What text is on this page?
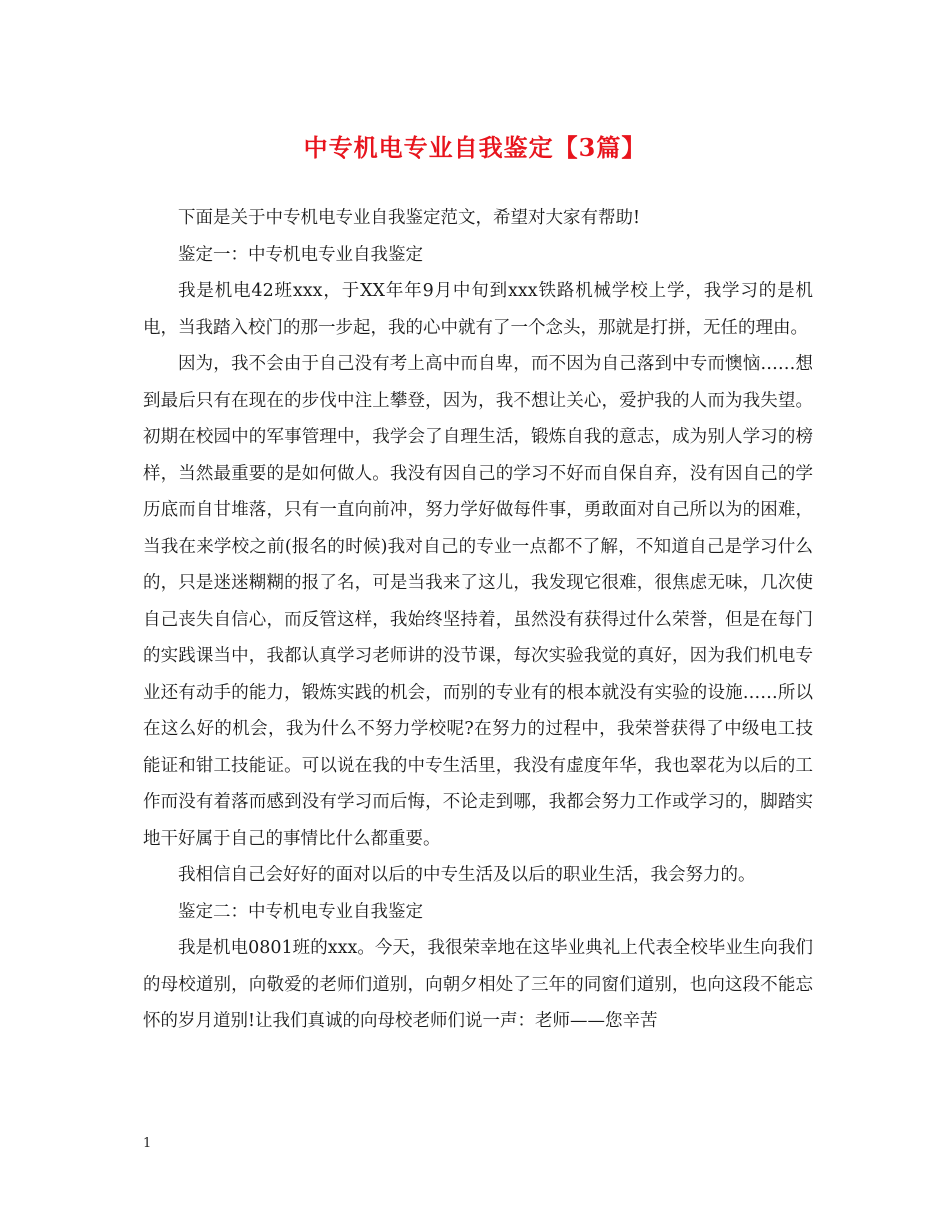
中专机电专业自我鉴定【3篇】

下面是关于中专机电专业自我鉴定范文，希望对大家有帮助!

鉴定一：中专机电专业自我鉴定

我是机电42班xxx，于XX年年9月中旬到xxx铁路机械学校上学，我学习的是机电，当我踏入校门的那一步起，我的心中就有了一个念头，那就是打拼，无任的理由。

因为，我不会由于自己没有考上高中而自卑，而不因为自己落到中专而懊恼……想到最后只有在现在的步伐中注上攀登，因为，我不想让关心，爱护我的人而为我失望。初期在校园中的军事管理中，我学会了自理生活，锻炼自我的意志，成为别人学习的榜样，当然最重要的是如何做人。我没有因自己的学习不好而自保自弃，没有因自己的学历底而自甘堆落，只有一直向前冲，努力学好做每件事，勇敢面对自己所以为的困难，当我在来学校之前(报名的时候)我对自己的专业一点都不了解，不知道自己是学习什么的，只是迷迷糊糊的报了名，可是当我来了这儿，我发现它很难，很焦虑无味，几次使自己丧失自信心，而反管这样，我始终坚持着，虽然没有获得过什么荣誉，但是在每门的实践课当中，我都认真学习老师讲的没节课，每次实验我觉的真好，因为我们机电专业还有动手的能力，锻炼实践的机会，而别的专业有的根本就没有实验的设施……所以在这么好的机会，我为什么不努力学校呢?在努力的过程中，我荣誉获得了中级电工技能证和钳工技能证。可以说在我的中专生活里，我没有虚度年华，我也翠花为以后的工作而没有着落而感到没有学习而后悔，不论走到哪，我都会努力工作或学习的，脚踏实地干好属于自己的事情比什么都重要。

我相信自己会好好的面对以后的中专生活及以后的职业生活，我会努力的。

鉴定二：中专机电专业自我鉴定

我是机电0801班的xxx。今天，我很荣幸地在这毕业典礼上代表全校毕业生向我们的母校道别，向敬爱的老师们道别，向朝夕相处了三年的同窗们道别，也向这段不能忘怀的岁月道别!让我们真诚的向母校老师们说一声：老师——您辛苦

1
